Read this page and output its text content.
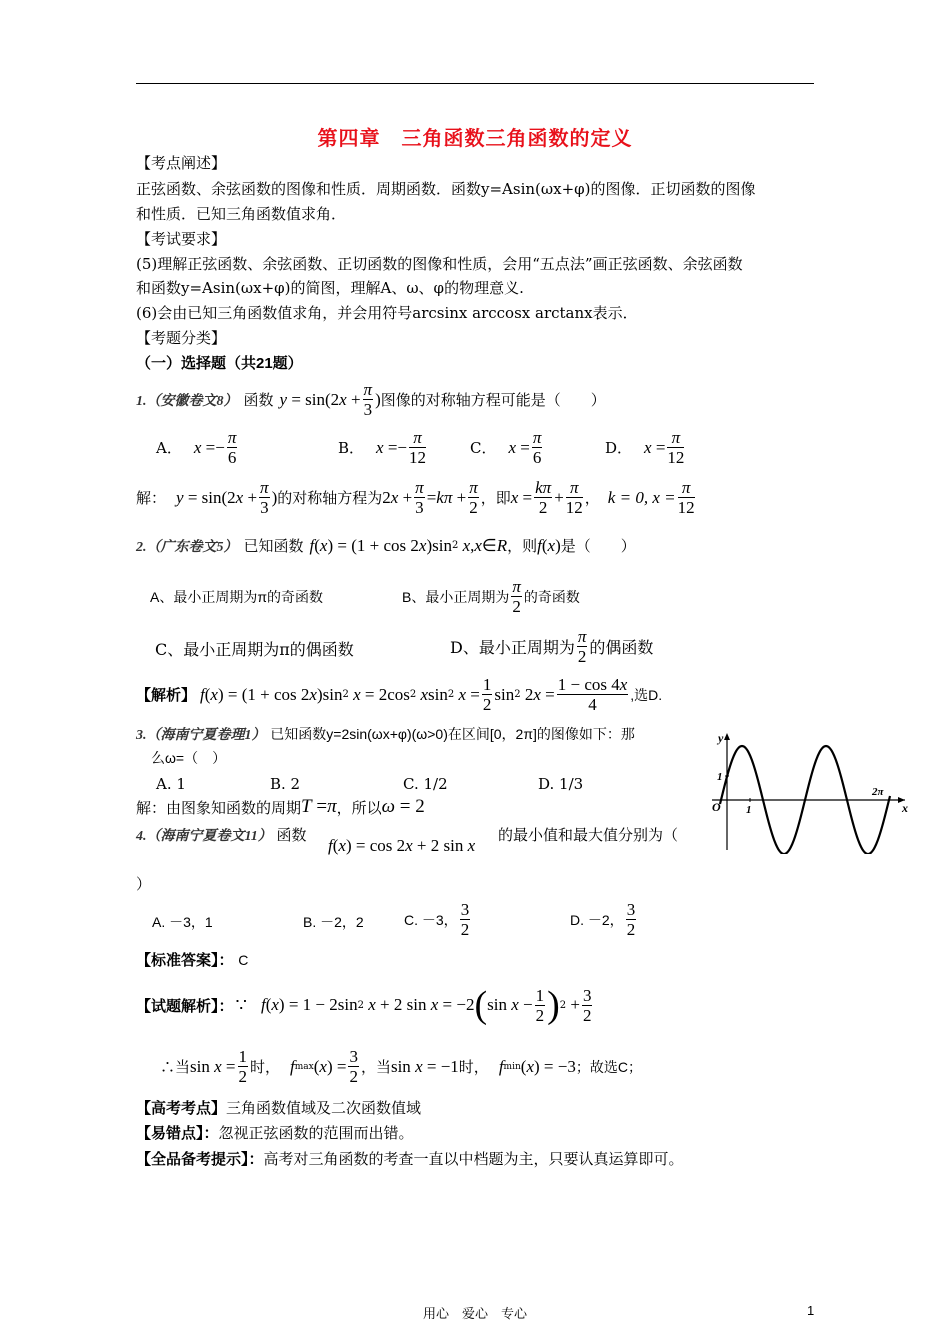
第四章　三角函数三角函数的定义
【考点阐述】
正弦函数、余弦函数的图像和性质．周期函数．函数y=Asin(ωx+φ)的图像．正切函数的图像
和性质．已知三角函数值求角．
【考试要求】
(5)理解正弦函数、余弦函数、正切函数的图像和性质，会用“五点法”画正弦函数、余弦函数
和函数y=Asin(ωx+φ)的简图，理解A、ω、φ的物理意义.
(6)会由已知三角函数值求角，并会用符号arcsinx arccosx arctanx表示．
【考题分类】
（一）选择题（共21题）
1.（安徽卷文8） 函数 y = sin(2 $x + \frac{\pi}{3}$ ) 图像的对称轴方程可能是（　　）
A． $x =- \frac{\pi}{6}$	B． $x =- \frac{\pi}{12}$	C． $x = \frac{\pi}{6}$	D． $x = \frac{\pi}{12}$
解： y = sin(2 $x + \frac{\pi}{3}$ ) 的对称轴方程为 2 $x + \frac{\pi}{3} = k\pi + \frac{\pi}{2}$ ，即 $x = \frac{k\pi}{2} + \frac{\pi}{12}$ ， k = 0, $x = \frac{\pi}{12}$
2.（广东卷文5） 已知函数 f ( x ) = (1 + cos 2 x )sin 2 x , x ∈ R ，则 f ( x ) 是（　　）
A、最小正周期为π的奇函数	B、最小正周期为 $\frac{\pi}{2}$ 的奇函数
C、最小正周期为π的偶函数	D、最小正周期为 $\frac{\pi}{2}$ 的偶函数
【解析】 f ( x ) = (1 + cos 2 x )sin 2 x = 2cos 2 x sin 2 $x = \frac{1}{2}$ sin 2 2 $x = \frac{1 - \cos 4x}{4}$ ,选D.
3.（海南宁夏卷理1） 已知函数y=2sin(ωx+φ)(ω>0)在区间[0，2π]的图像如下：那
么ω=（　）
A. 1	B. 2	C. 1/2	D. 1/3
解：由图象知函数的周期 T = π ，所以 ω = 2
y
x
O 1
1
2π
4.（海南宁夏卷文11） 函数
f(x) = cos 2x + 2 sin x
的最小值和最大值分别为（
）
A. －3，1	B. －2，2	C. －3， $\frac{3}{2}$	D. －2， $\frac{3}{2}$
【标准答案】： C
【试题解析】： ∵ f ( x ) = 1 − 2sin 2 x + 2 sin x = −2 ( $\sin x - \frac{1}{2}$ ) $2 + \frac{3}{2}$
∴当 $\sin x = \frac{1}{2}$ 时， f max ( x ) = $\frac{3}{2}$ ，当 sin x = −1 时， f min ( x ) = −3 ；故选C；
【高考考点】三角函数值域及二次函数值域
【易错点】：忽视正弦函数的范围而出错。
【全品备考提示】：高考对三角函数的考查一直以中档题为主，只要认真运算即可。
用心　爱心　专心	1
